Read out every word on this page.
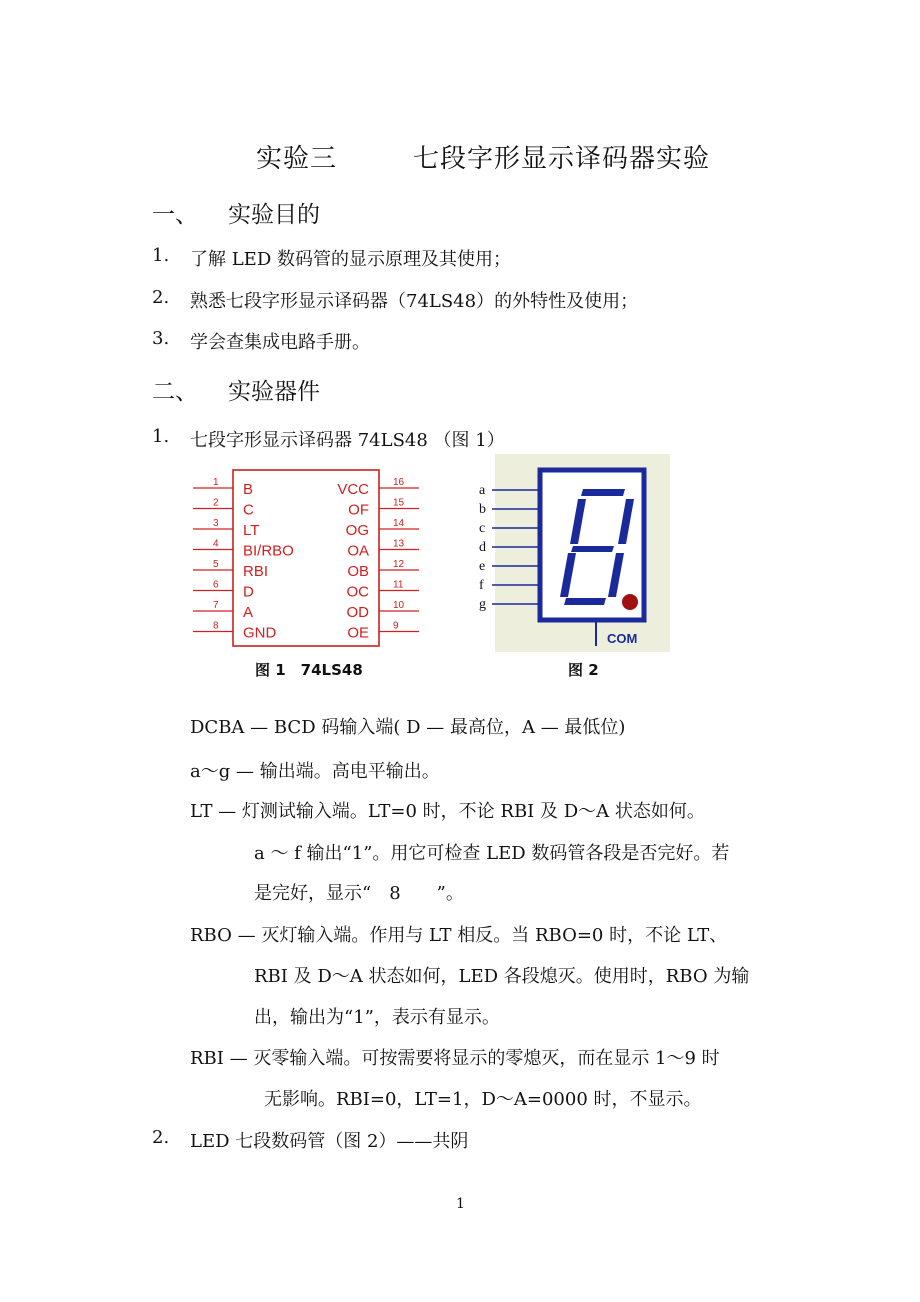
实验三	七段字形显示译码器实验
一、 实验目的
1. 了解 LED 数码管的显示原理及其使用；
2. 熟悉七段字形显示译码器（74LS48）的外特性及使用；
3. 学会查集成电路手册。
二、 实验器件
1. 七段字形显示译码器 74LS48 （图 1）
1 B
2 C
3 LT
4 BI/RBO
5 RBI
6 D
7 A
8 GND
16
VCC
15
OF
14
OG
13
OA
12
OB
11
OC
10
OD
9
OE
图 1　74LS48
a
b
c
d
e
f
g
COM
图 2
DCBA — BCD 码输入端( D — 最高位，A — 最低位)
a～g — 输出端。高电平输出。
LT — 灯测试输入端。LT=0 时，不论 RBI 及 D～A 状态如何。
a ～ f 输出“1”。用它可检查 LED 数码管各段是否完好。若
是完好，显示“　8　　”。
RBO — 灭灯输入端。作用与 LT 相反。当 RBO=0 时，不论 LT、
RBI 及 D～A 状态如何，LED 各段熄灭。使用时，RBO 为输
出，输出为“1”，表示有显示。
RBI — 灭零输入端。可按需要将显示的零熄灭，而在显示 1～9 时
无影响。RBI=0，LT=1，D～A=0000 时，不显示。
2. LED 七段数码管（图 2）——共阴
1
